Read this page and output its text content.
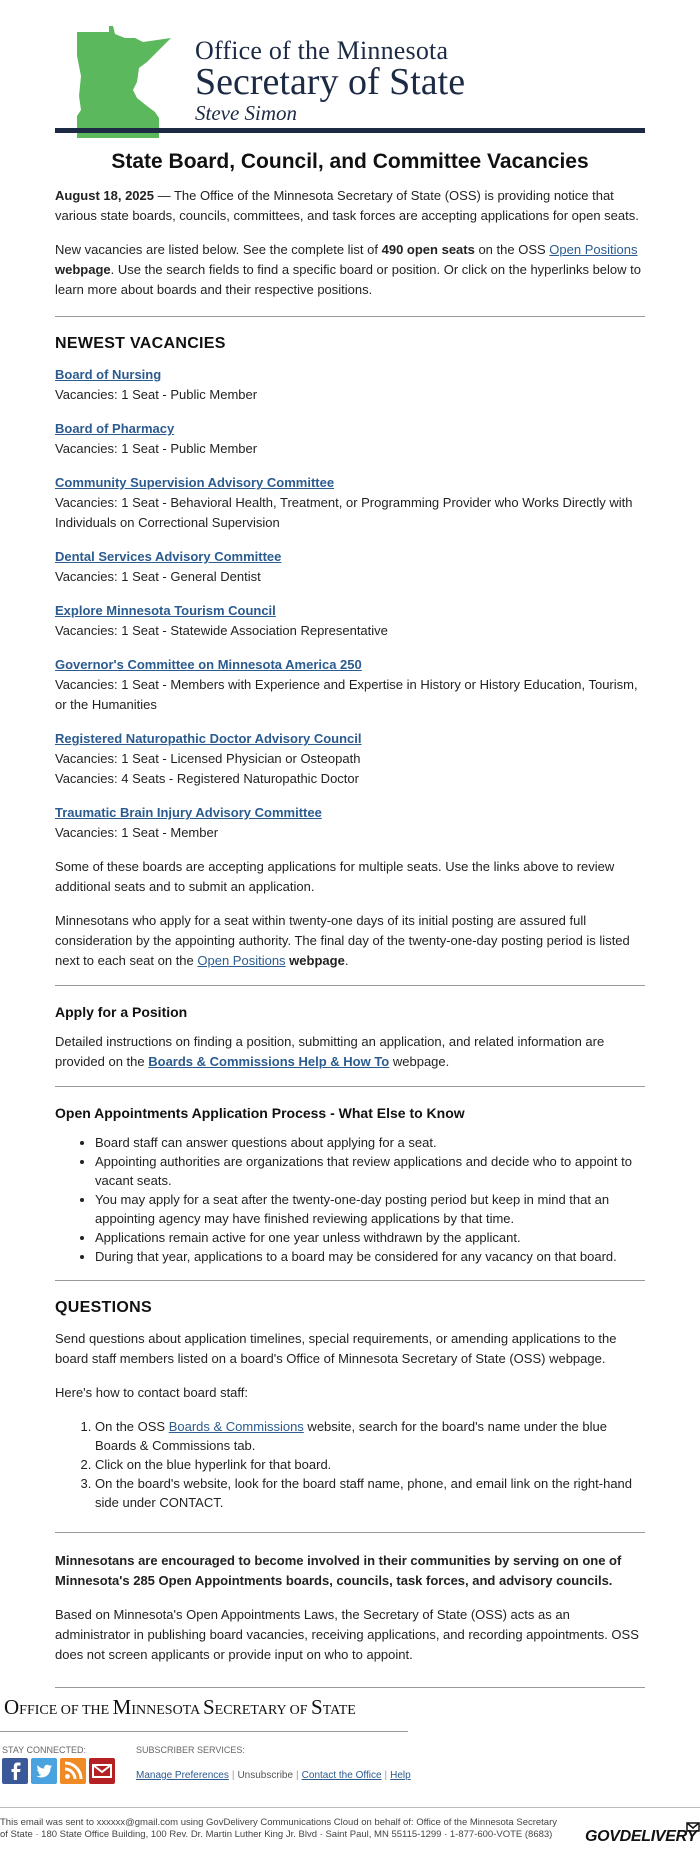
Office of the Minnesota
Secretary of State
Steve Simon
State Board, Council, and Committee Vacancies

August 18, 2025 — The Office of the Minnesota Secretary of State (OSS) is providing notice that various state boards, councils, committees, and task forces are accepting applications for open seats.

New vacancies are listed below. See the complete list of 490 open seats on the OSS Open Positions webpage. Use the search fields to find a specific board or position. Or click on the hyperlinks below to learn more about boards and their respective positions.

NEWEST VACANCIES
Board of Nursing
Vacancies: 1 Seat - Public Member
Board of Pharmacy
Vacancies: 1 Seat - Public Member
Community Supervision Advisory Committee
Vacancies: 1 Seat - Behavioral Health, Treatment, or Programming Provider who Works Directly with Individuals on Correctional Supervision
Dental Services Advisory Committee
Vacancies: 1 Seat - General Dentist
Explore Minnesota Tourism Council
Vacancies: 1 Seat - Statewide Association Representative
Governor's Committee on Minnesota America 250
Vacancies: 1 Seat - Members with Experience and Expertise in History or History Education, Tourism, or the Humanities
Registered Naturopathic Doctor Advisory Council
Vacancies: 1 Seat - Licensed Physician or Osteopath
Vacancies: 4 Seats - Registered Naturopathic Doctor
Traumatic Brain Injury Advisory Committee
Vacancies: 1 Seat - Member

Some of these boards are accepting applications for multiple seats. Use the links above to review additional seats and to submit an application.

Minnesotans who apply for a seat within twenty-one days of its initial posting are assured full consideration by the appointing authority. The final day of the twenty-one-day posting period is listed next to each seat on the Open Positions webpage.

Apply for a Position

Detailed instructions on finding a position, submitting an application, and related information are provided on the Boards & Commissions Help & How To webpage.

Open Appointments Application Process - What Else to Know
• Board staff can answer questions about applying for a seat.
• Appointing authorities are organizations that review applications and decide who to appoint to vacant seats.
• You may apply for a seat after the twenty-one-day posting period but keep in mind that an appointing agency may have finished reviewing applications by that time.
• Applications remain active for one year unless withdrawn by the applicant.
• During that year, applications to a board may be considered for any vacancy on that board.
QUESTIONS

Send questions about application timelines, special requirements, or amending applications to the board staff members listed on a board's Office of Minnesota Secretary of State (OSS) webpage.

Here's how to contact board staff:

1. On the OSS Boards & Commissions website, search for the board's name under the blue Boards & Commissions tab.
2. Click on the blue hyperlink for that board.
3. On the board's website, look for the board staff name, phone, and email link on the right-hand side under CONTACT.

Minnesotans are encouraged to become involved in their communities by serving on one of Minnesota's 285 Open Appointments boards, councils, task forces, and advisory councils.

Based on Minnesota's Open Appointments Laws, the Secretary of State (OSS) acts as an administrator in publishing board vacancies, receiving applications, and recording appointments. OSS does not screen applicants or provide input on who to appoint.

OFFICE OF THE MINNESOTA SECRETARY OF STATE
STAY CONNECTED:	SUBSCRIBER SERVICES:
Manage Preferences | Unsubscribe | Contact the Office | Help
This email was sent to xxxxxx@gmail.com using GovDelivery Communications Cloud on behalf of: Office of the Minnesota Secretary of State · 180 State Office Building, 100 Rev. Dr. Martin Luther King Jr. Blvd · Saint Paul, MN 55115-1299 · 1-877-600-VOTE (8683)	GOVDELIVERY
